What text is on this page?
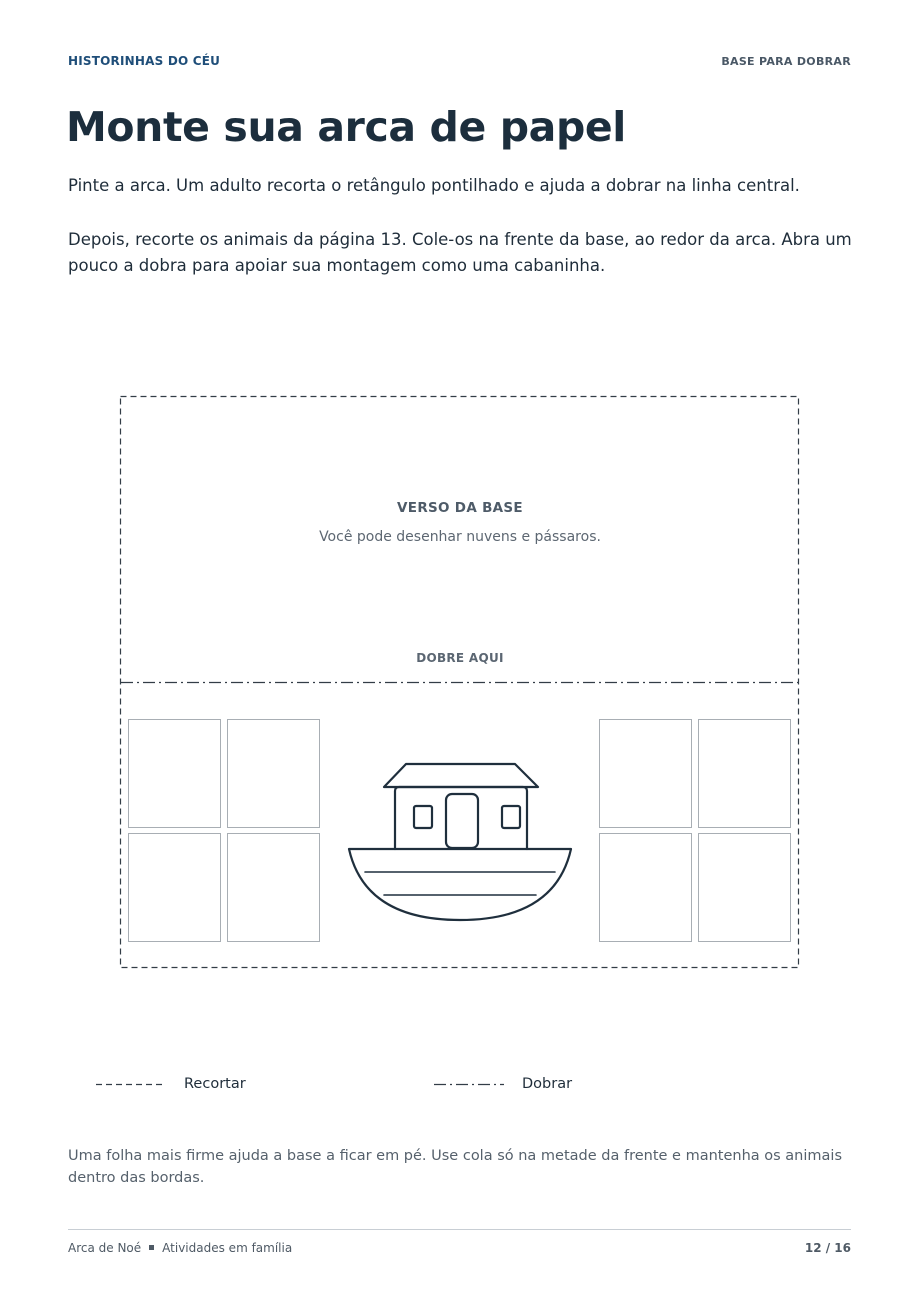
HISTORINHAS DO CÉU	BASE PARA DOBRAR
Monte sua arca de papel

Pinte a arca. Um adulto recorta o retângulo pontilhado e ajuda a dobrar na linha central.

Depois, recorte os animais da página 13. Cole-os na frente da base, ao redor da arca. Abra um pouco a dobra para apoiar sua montagem como uma cabaninha.

VERSO DA BASE
Você pode desenhar nuvens e pássaros.
DOBRE AQUI
Recortar	Dobrar

Uma folha mais firme ajuda a base a ficar em pé. Use cola só na metade da frente e mantenha os animais dentro das bordas.

Arca de Noé Atividades em família	12 / 16
